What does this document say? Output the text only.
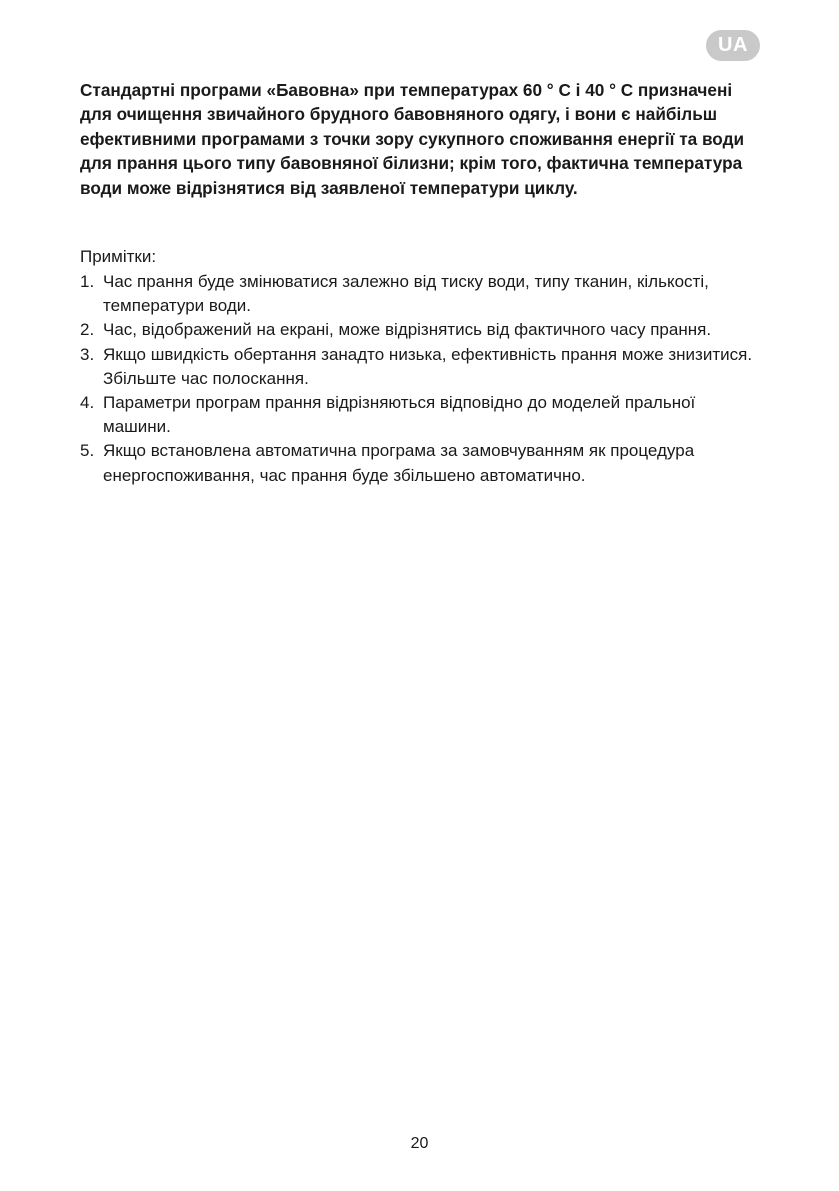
UA

Стандартні програми «Бавовна» при температурах 60 ° C і 40 ° C призначені для очищення звичайного брудного бавовняного одягу, і вони є найбільш ефективними програмами з точки зору сукупного споживання енергії та води для прання цього типу бавовняної білизни; крім того, фактична температура води може відрізнятися від заявленої температури циклу.

Примітки:

1. Час прання буде змінюватися залежно від тиску води, типу тканин, кількості, температури води.
2. Час, відображений на екрані, може відрізнятись від фактичного часу прання.
3. Якщо швидкість обертання занадто низька, ефективність прання може знизитися. Збільште час полоскання.
4. Параметри програм прання відрізняються відповідно до моделей пральної машини.
5. Якщо встановлена автоматична програма за замовчуванням як процедура енергоспоживання, час прання буде збільшено автоматично.
20
